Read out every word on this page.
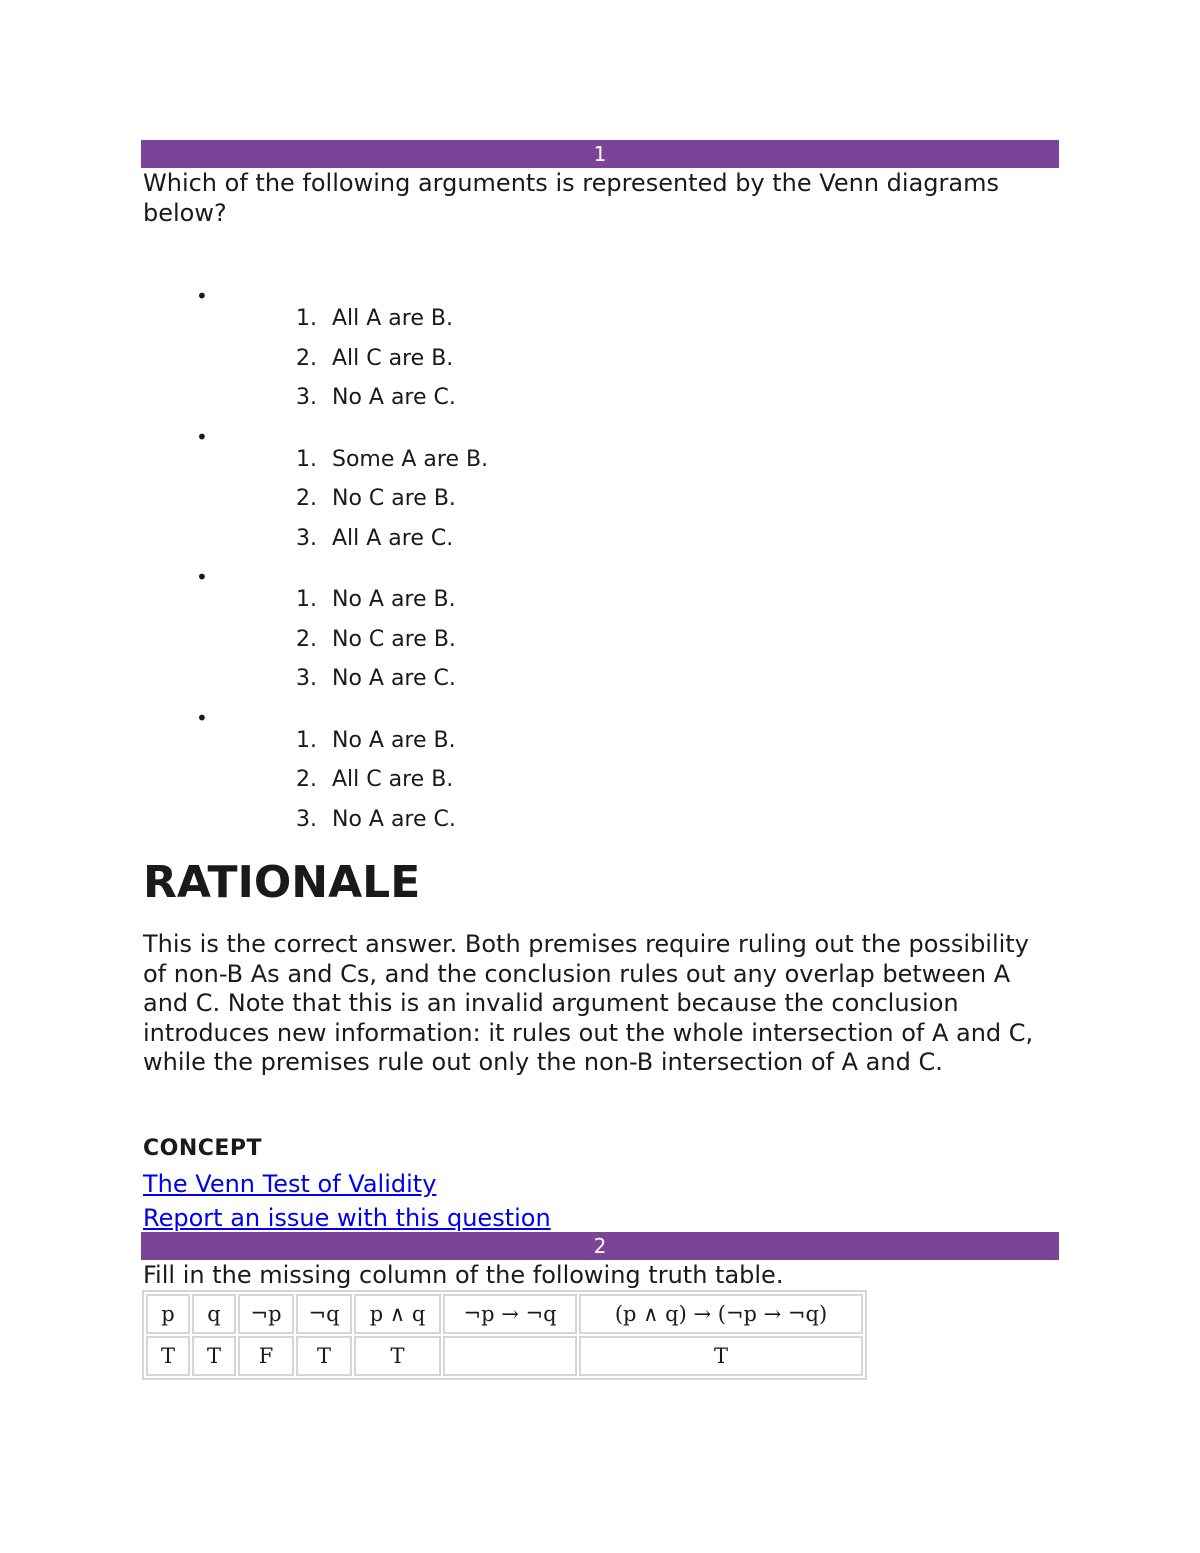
1

Which of the following arguments is represented by the Venn diagrams below?

•
1. All A are B.
2. All C are B.
3. No A are C.
•
1. Some A are B.
2. No C are B.
3. All A are C.
•
1. No A are B.
2. No C are B.
3. No A are C.
•
1. No A are B.
2. All C are B.
3. No A are C.
RATIONALE

This is the correct answer. Both premises require ruling out the possibility of non-B As and Cs, and the conclusion rules out any overlap between A and C. Note that this is an invalid argument because the conclusion introduces new information: it rules out the whole intersection of A and C, while the premises rule out only the non-B intersection of A and C.

CONCEPT
The Venn Test of Validity
Report an issue with this question
2

Fill in the missing column of the following truth table.

p	q	¬p	¬q	p ∧ q	¬p → ¬q	(p ∧ q) → (¬p → ¬q)
T	T	F	T	T		T
